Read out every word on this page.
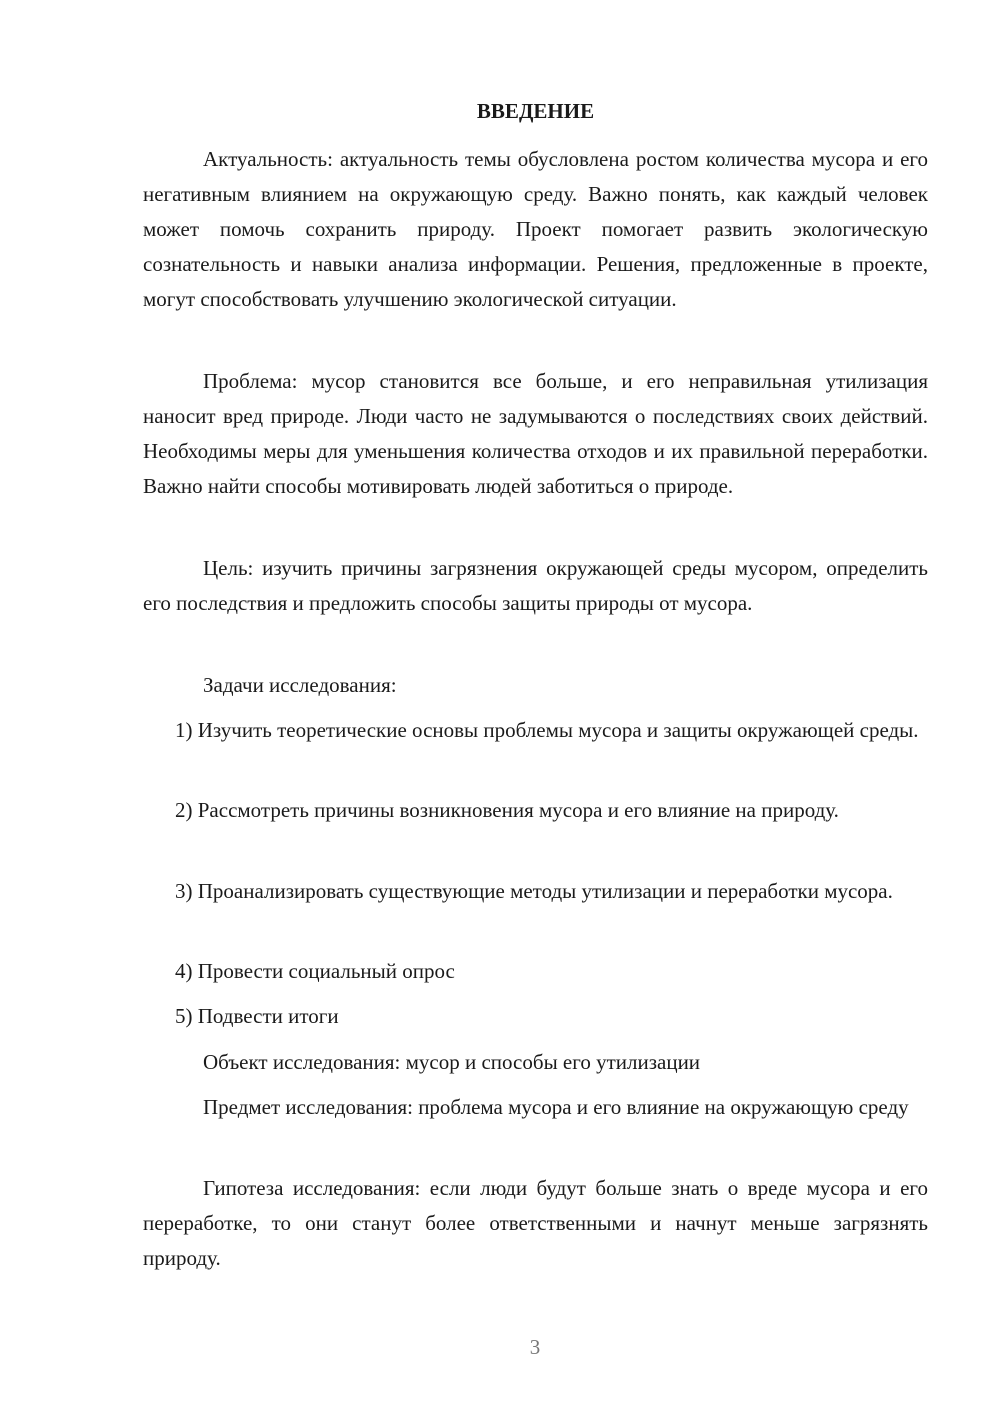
ВВЕДЕНИЕ

Актуальность: актуальность темы обусловлена ростом количества мусора и его негативным влиянием на окружающую среду. Важно понять, как каждый человек может помочь сохранить природу. Проект помогает развить экологическую сознательность и навыки анализа информации. Решения, предложенные в проекте, могут способствовать улучшению экологической ситуации.

Проблема: мусор становится все больше, и его неправильная утилизация наносит вред природе. Люди часто не задумываются о последствиях своих действий. Необходимы меры для уменьшения количества отходов и их правильной переработки. Важно найти способы мотивировать людей заботиться о природе.

Цель: изучить причины загрязнения окружающей среды мусором, определить его последствия и предложить способы защиты природы от мусора.

Задачи исследования:

1) Изучить теоретические основы проблемы мусора и защиты окружающей среды.

2) Рассмотреть причины возникновения мусора и его влияние на природу.

3) Проанализировать существующие методы утилизации и переработки мусора.

4) Провести социальный опрос

5) Подвести итоги

Объект исследования: мусор и способы его утилизации

Предмет исследования: проблема мусора и его влияние на окружающую среду

Гипотеза исследования: если люди будут больше знать о вреде мусора и его переработке, то они станут более ответственными и начнут меньше загрязнять природу.

3
